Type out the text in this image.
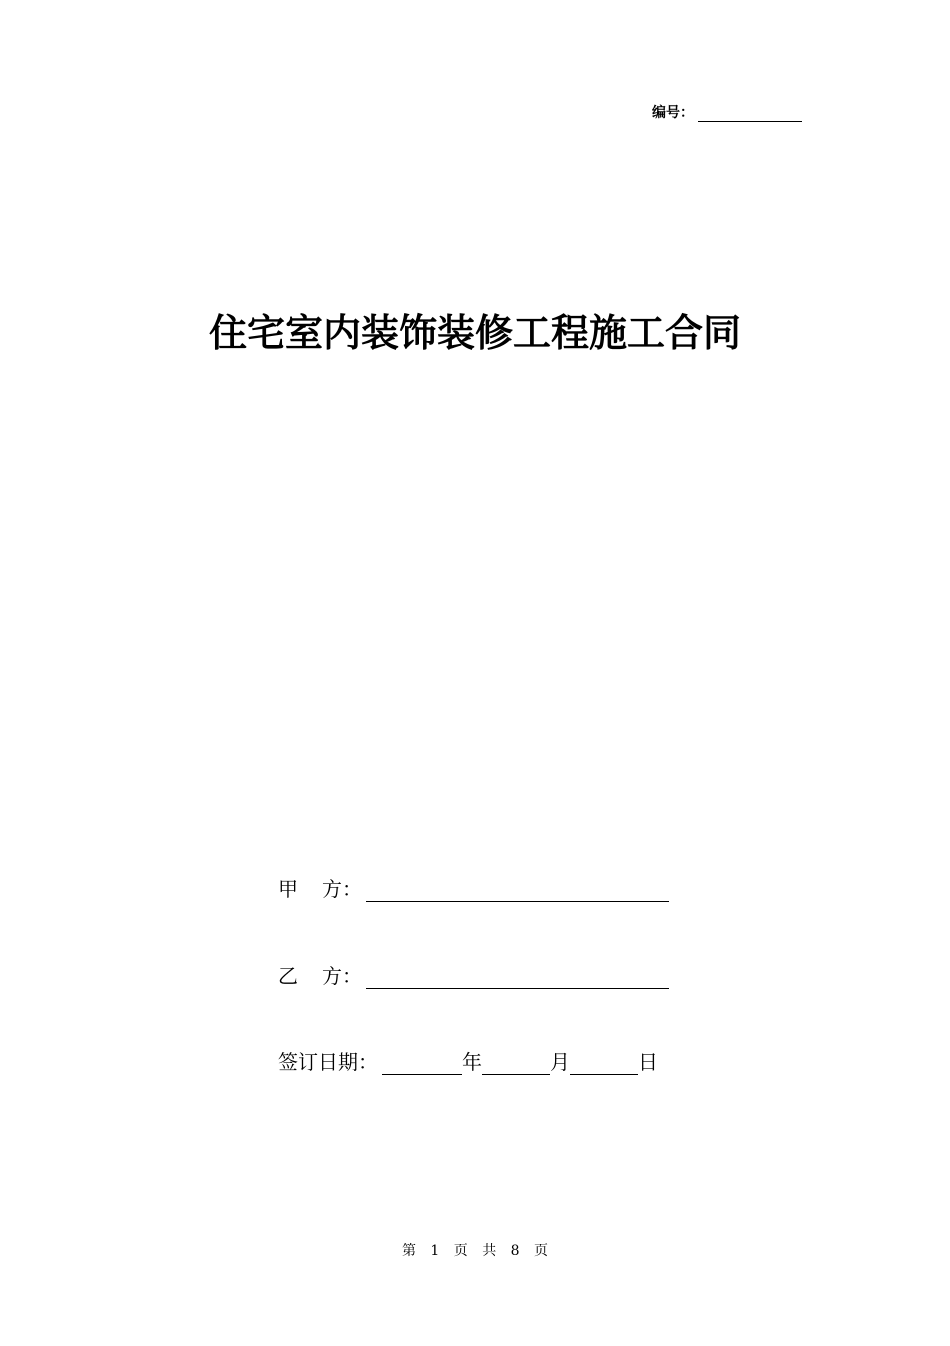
编号：
住宅室内装饰装修工程施工合同
甲 方：
乙 方：
签订日期：	年	月	日
第 1 页 共 8 页
